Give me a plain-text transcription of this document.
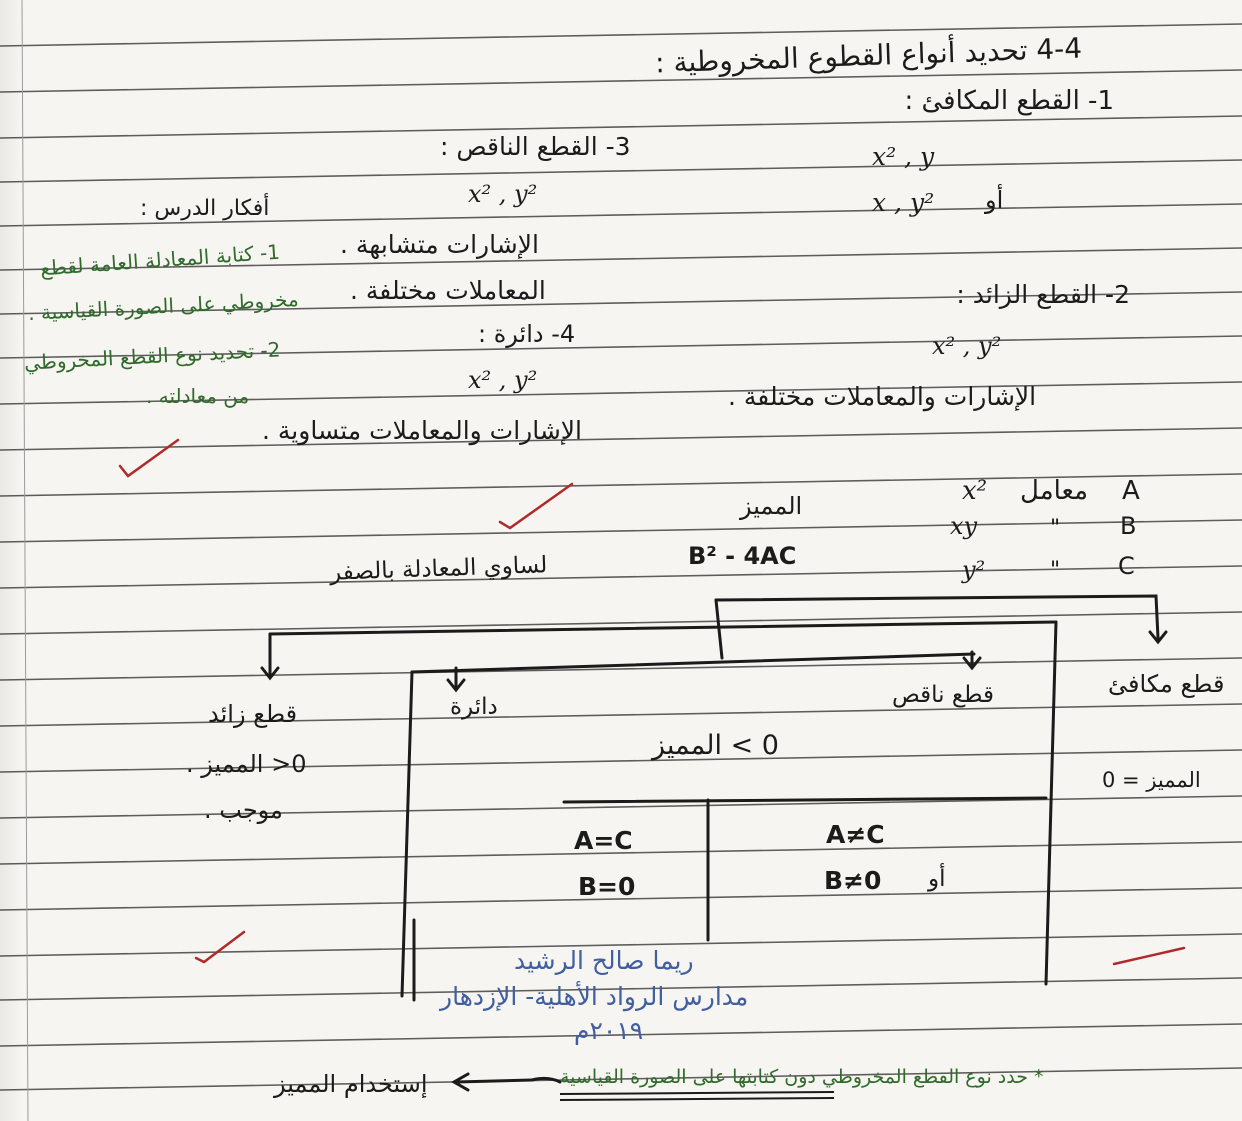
4-4 تحديد أنواع القطوع المخروطية :
1- القطع المكافئ :
x² , y
أو
x , y²
3- القطع الناقص :
x² , y²
الإشارات متشابهة .
المعاملات مختلفة .
4- دائرة :
x² , y²
الإشارات والمعاملات متساوية .
2- القطع الزائد :
x² , y²
الإشارات والمعاملات مختلفة .
أفكار الدرس :
1- كتابة المعادلة العامة لقطع
مخروطي على الصورة القياسية .
2- تحديد نوع القطع المخروطي
من معادلته .
x² معامل A
xy	" B
y²	" C
المميز
B² - 4AC
لساوي المعادلة بالصفر
قطع مكافئ
المميز = 0
قطع ناقص
دائرة
0 > المميز
A≠C
أو
B≠0
A=C
B=0
قطع زائد
0< المميز .
موجب .
ريما صالح الرشيد
مدارس الرواد الأهلية- الإزدهار
٢٠١٩م
* حدد نوع القطع المخروطي دون كتابتها على الصورة القياسية
إستخدام المميز
